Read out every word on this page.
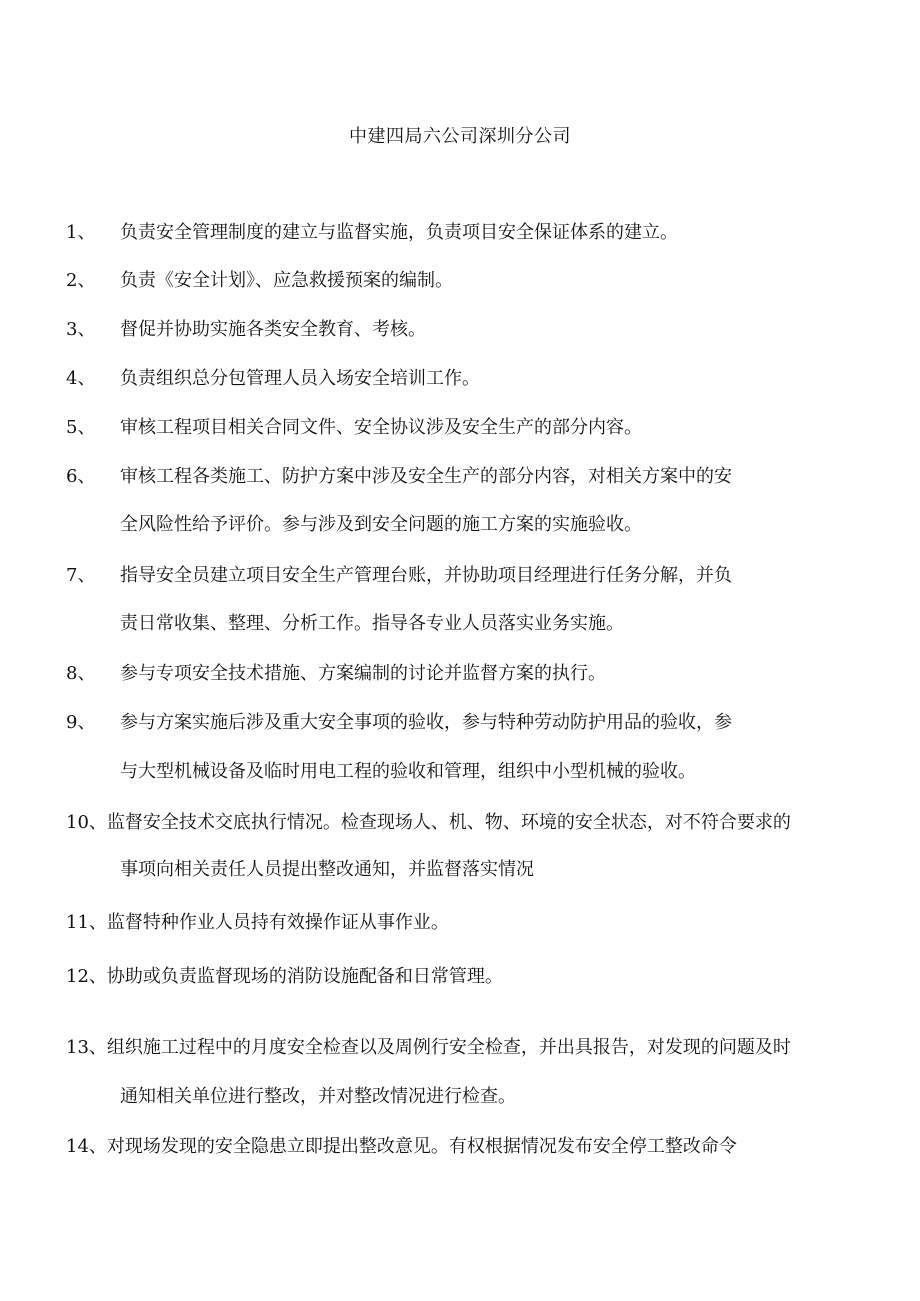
中建四局六公司深圳分公司
1、 负责安全管理制度的建立与监督实施，负责项目安全保证体系的建立。
2、 负责《安全计划》、应急救援预案的编制。
3、 督促并协助实施各类安全教育、考核。
4、 负责组织总分包管理人员入场安全培训工作。
5、 审核工程项目相关合同文件、安全协议涉及安全生产的部分内容。
6、 审核工程各类施工、防护方案中涉及安全生产的部分内容，对相关方案中的安
全风险性给予评价。参与涉及到安全问题的施工方案的实施验收。
7、 指导安全员建立项目安全生产管理台账，并协助项目经理进行任务分解，并负
责日常收集、整理、分析工作。指导各专业人员落实业务实施。
8、 参与专项安全技术措施、方案编制的讨论并监督方案的执行。
9、 参与方案实施后涉及重大安全事项的验收，参与特种劳动防护用品的验收，参
与大型机械设备及临时用电工程的验收和管理，组织中小型机械的验收。
10、监督安全技术交底执行情况。检查现场人、机、物、环境的安全状态，对不符合要求的
事项向相关责任人员提出整改通知，并监督落实情况
11、监督特种作业人员持有效操作证从事作业。
12、协助或负责监督现场的消防设施配备和日常管理。
13、组织施工过程中的月度安全检查以及周例行安全检查，并出具报告，对发现的问题及时
通知相关单位进行整改，并对整改情况进行检查。
14、对现场发现的安全隐患立即提出整改意见。有权根据情况发布安全停工整改命令
